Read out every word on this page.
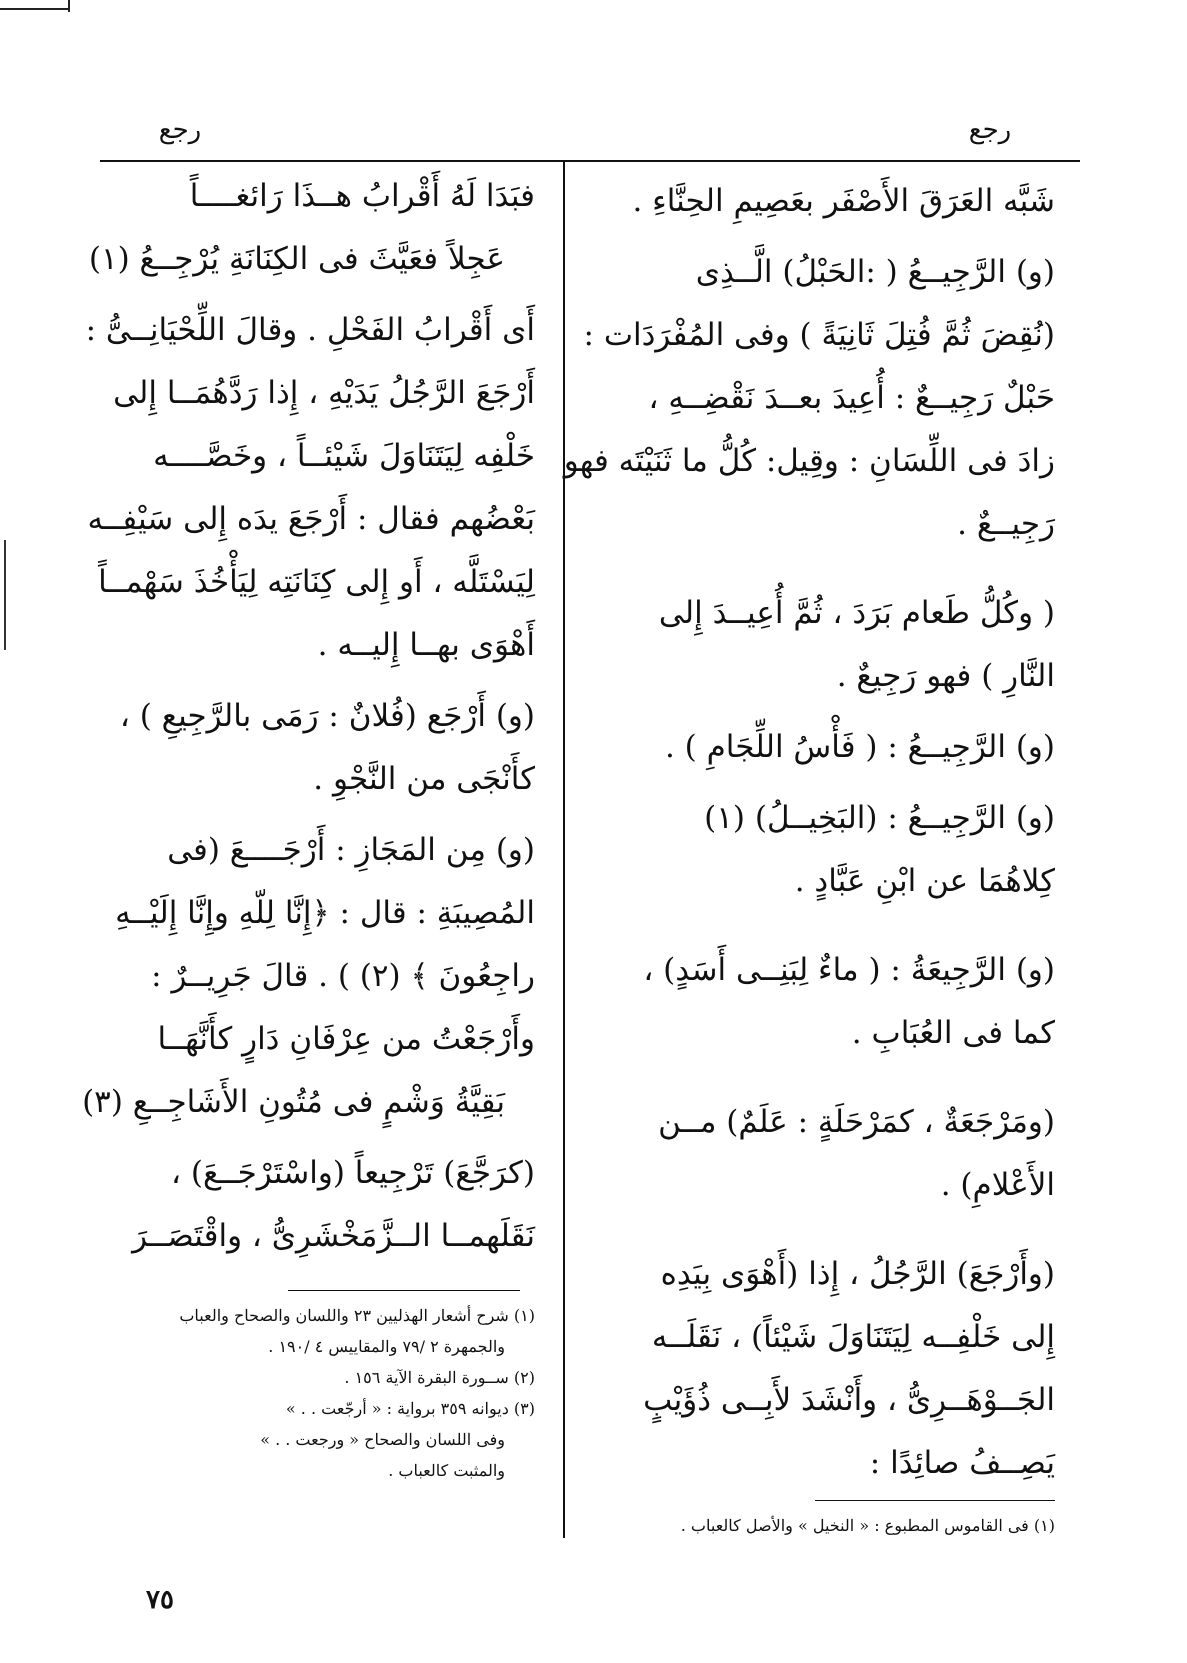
رجع
رجع

شَبَّه العَرَقَ الأَصْفَر بعَصِيمِ الحِنَّاءِ .

(و) الرَّجِيــعُ ( :الحَبْلُ) الَّــذِى

(نُقِضَ ثُمَّ فُتِلَ ثَانِيَةً ) وفى المُفْرَدَات :

حَبْلٌ رَجِيــعٌ : أُعِيدَ بعــدَ نَقْضِــهِ ،

زادَ فى اللِّسَانِ : وقِيل: كُلُّ ما ثَنَيْتَه فهو

رَجِيــعٌ .

( وكُلُّ طَعام بَرَدَ ، ثُمَّ أُعِيــدَ إِلى

النَّارِ ) فهو رَجِيعٌ .

(و) الرَّجِيــعُ : ( فَأْسُ اللِّجَامِ ) .

(و) الرَّجِيــعُ : (البَخِيــلُ) (١)

كِلاهُمَا عن ابْنِ عَبَّادٍ .

(و) الرَّجِيعَةُ : ( ماءٌ لِبَنِــى أَسَدٍ) ،

كما فى العُبَابِ .

(ومَرْجَعَةٌ ، كمَرْحَلَةٍ : عَلَمٌ) مــن

الأَعْلامِ) .

(وأَرْجَعَ) الرَّجُلُ ، إِذا (أَهْوَى بِيَدِه

إِلى خَلْفِــه لِيَتَنَاوَلَ شَيْئاً) ، نَقَلَــه

الجَــوْهَــرِىُّ ، وأَنْشَدَ لأَبِــى ذُؤَيْبٍ

يَصِــفُ صائِدًا :

فبَدَا لَهُ أَقْرابُ هــذَا رَائغــــاً

عَجِلاً فعَيَّثَ فى الكِنَانَةِ يُرْجِــعُ (١)

أَى أَقْرابُ الفَحْلِ . وقالَ اللِّحْيَانِــىُّ :

أَرْجَعَ الرَّجُلُ يَدَيْهِ ، إِذا رَدَّهُمَــا إِلى

خَلْفِه لِيَتَنَاوَلَ شَيْئــاً ، وخَصَّــــه

بَعْضُهم فقال : أَرْجَعَ يدَه إِلى سَيْفِــه

لِيَسْتَلَّه ، أَو إِلى كِنَانَتِه لِيَأْخُذَ سَهْمــاً

أَهْوَى بهــا إِليــه .

(و) أَرْجَع (فُلانٌ : رَمَى بالرَّجِيعِ ) ،

كأَنْجَى من النَّجْوِ .

(و) مِن المَجَازِ : أَرْجَــــعَ (فى

المُصِيبَةِ : قال : ﴿إِنَّا لِلّهِ وإِنَّا إِلَيْــهِ

راجِعُونَ ﴾ (٢) ) . قالَ جَرِيــرٌ :

وأَرْجَعْتُ من عِرْفَانِ دَارٍ كأَنَّهَــا

بَقِيَّةُ وَشْمٍ فى مُتُونِ الأَشَاجِــعِ (٣)

(كرَجَّعَ) تَرْجِيعاً (واسْتَرْجَــعَ) ،

نَقَلَهمــا الــزَّمَخْشَرِىُّ ، واقْتَصَــرَ

(١) شرح أشعار الهذليين ٢٣ واللسان والصحاح والعباب

والجمهرة ٢ /٧٩ والمقاييس ٤ /١٩٠ .

(٢) ســورة البقرة الآية ١٥٦ .

(٣) ديوانه ٣٥٩ برواية : « أرجّعت . . »

وفى اللسان والصحاح « ورجعت . . »

والمثبت كالعباب .

(١) فى القاموس المطبوع : « النخيل » والأصل كالعباب .

٧٥
